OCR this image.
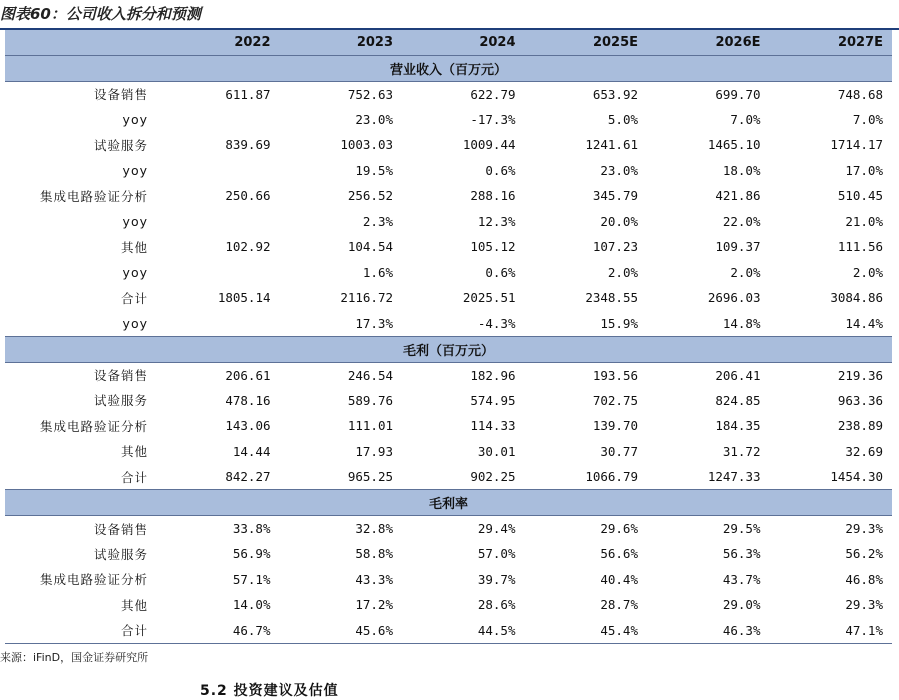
图表60：公司收入拆分和预测
	2022	2023	2024	2025E	2026E	2027E
营业收入（百万元）						
设备销售	611.87	752.63	622.79	653.92	699.70	748.68
yoy		23.0%	-17.3%	5.0%	7.0%	7.0%
试验服务	839.69	1003.03	1009.44	1241.61	1465.10	1714.17
yoy		19.5%	0.6%	23.0%	18.0%	17.0%
集成电路验证分析	250.66	256.52	288.16	345.79	421.86	510.45
yoy		2.3%	12.3%	20.0%	22.0%	21.0%
其他	102.92	104.54	105.12	107.23	109.37	111.56
yoy		1.6%	0.6%	2.0%	2.0%	2.0%
合计	1805.14	2116.72	2025.51	2348.55	2696.03	3084.86
yoy		17.3%	-4.3%	15.9%	14.8%	14.4%
毛利（百万元）						
设备销售	206.61	246.54	182.96	193.56	206.41	219.36
试验服务	478.16	589.76	574.95	702.75	824.85	963.36
集成电路验证分析	143.06	111.01	114.33	139.70	184.35	238.89
其他	14.44	17.93	30.01	30.77	31.72	32.69
合计	842.27	965.25	902.25	1066.79	1247.33	1454.30
毛利率						
设备销售	33.8%	32.8%	29.4%	29.6%	29.5%	29.3%
试验服务	56.9%	58.8%	57.0%	56.6%	56.3%	56.2%
集成电路验证分析	57.1%	43.3%	39.7%	40.4%	43.7%	46.8%
其他	14.0%	17.2%	28.6%	28.7%	29.0%	29.3%
合计	46.7%	45.6%	44.5%	45.4%	46.3%	47.1%
来源：iFinD，国金证券研究所
5.2 投资建议及估值
